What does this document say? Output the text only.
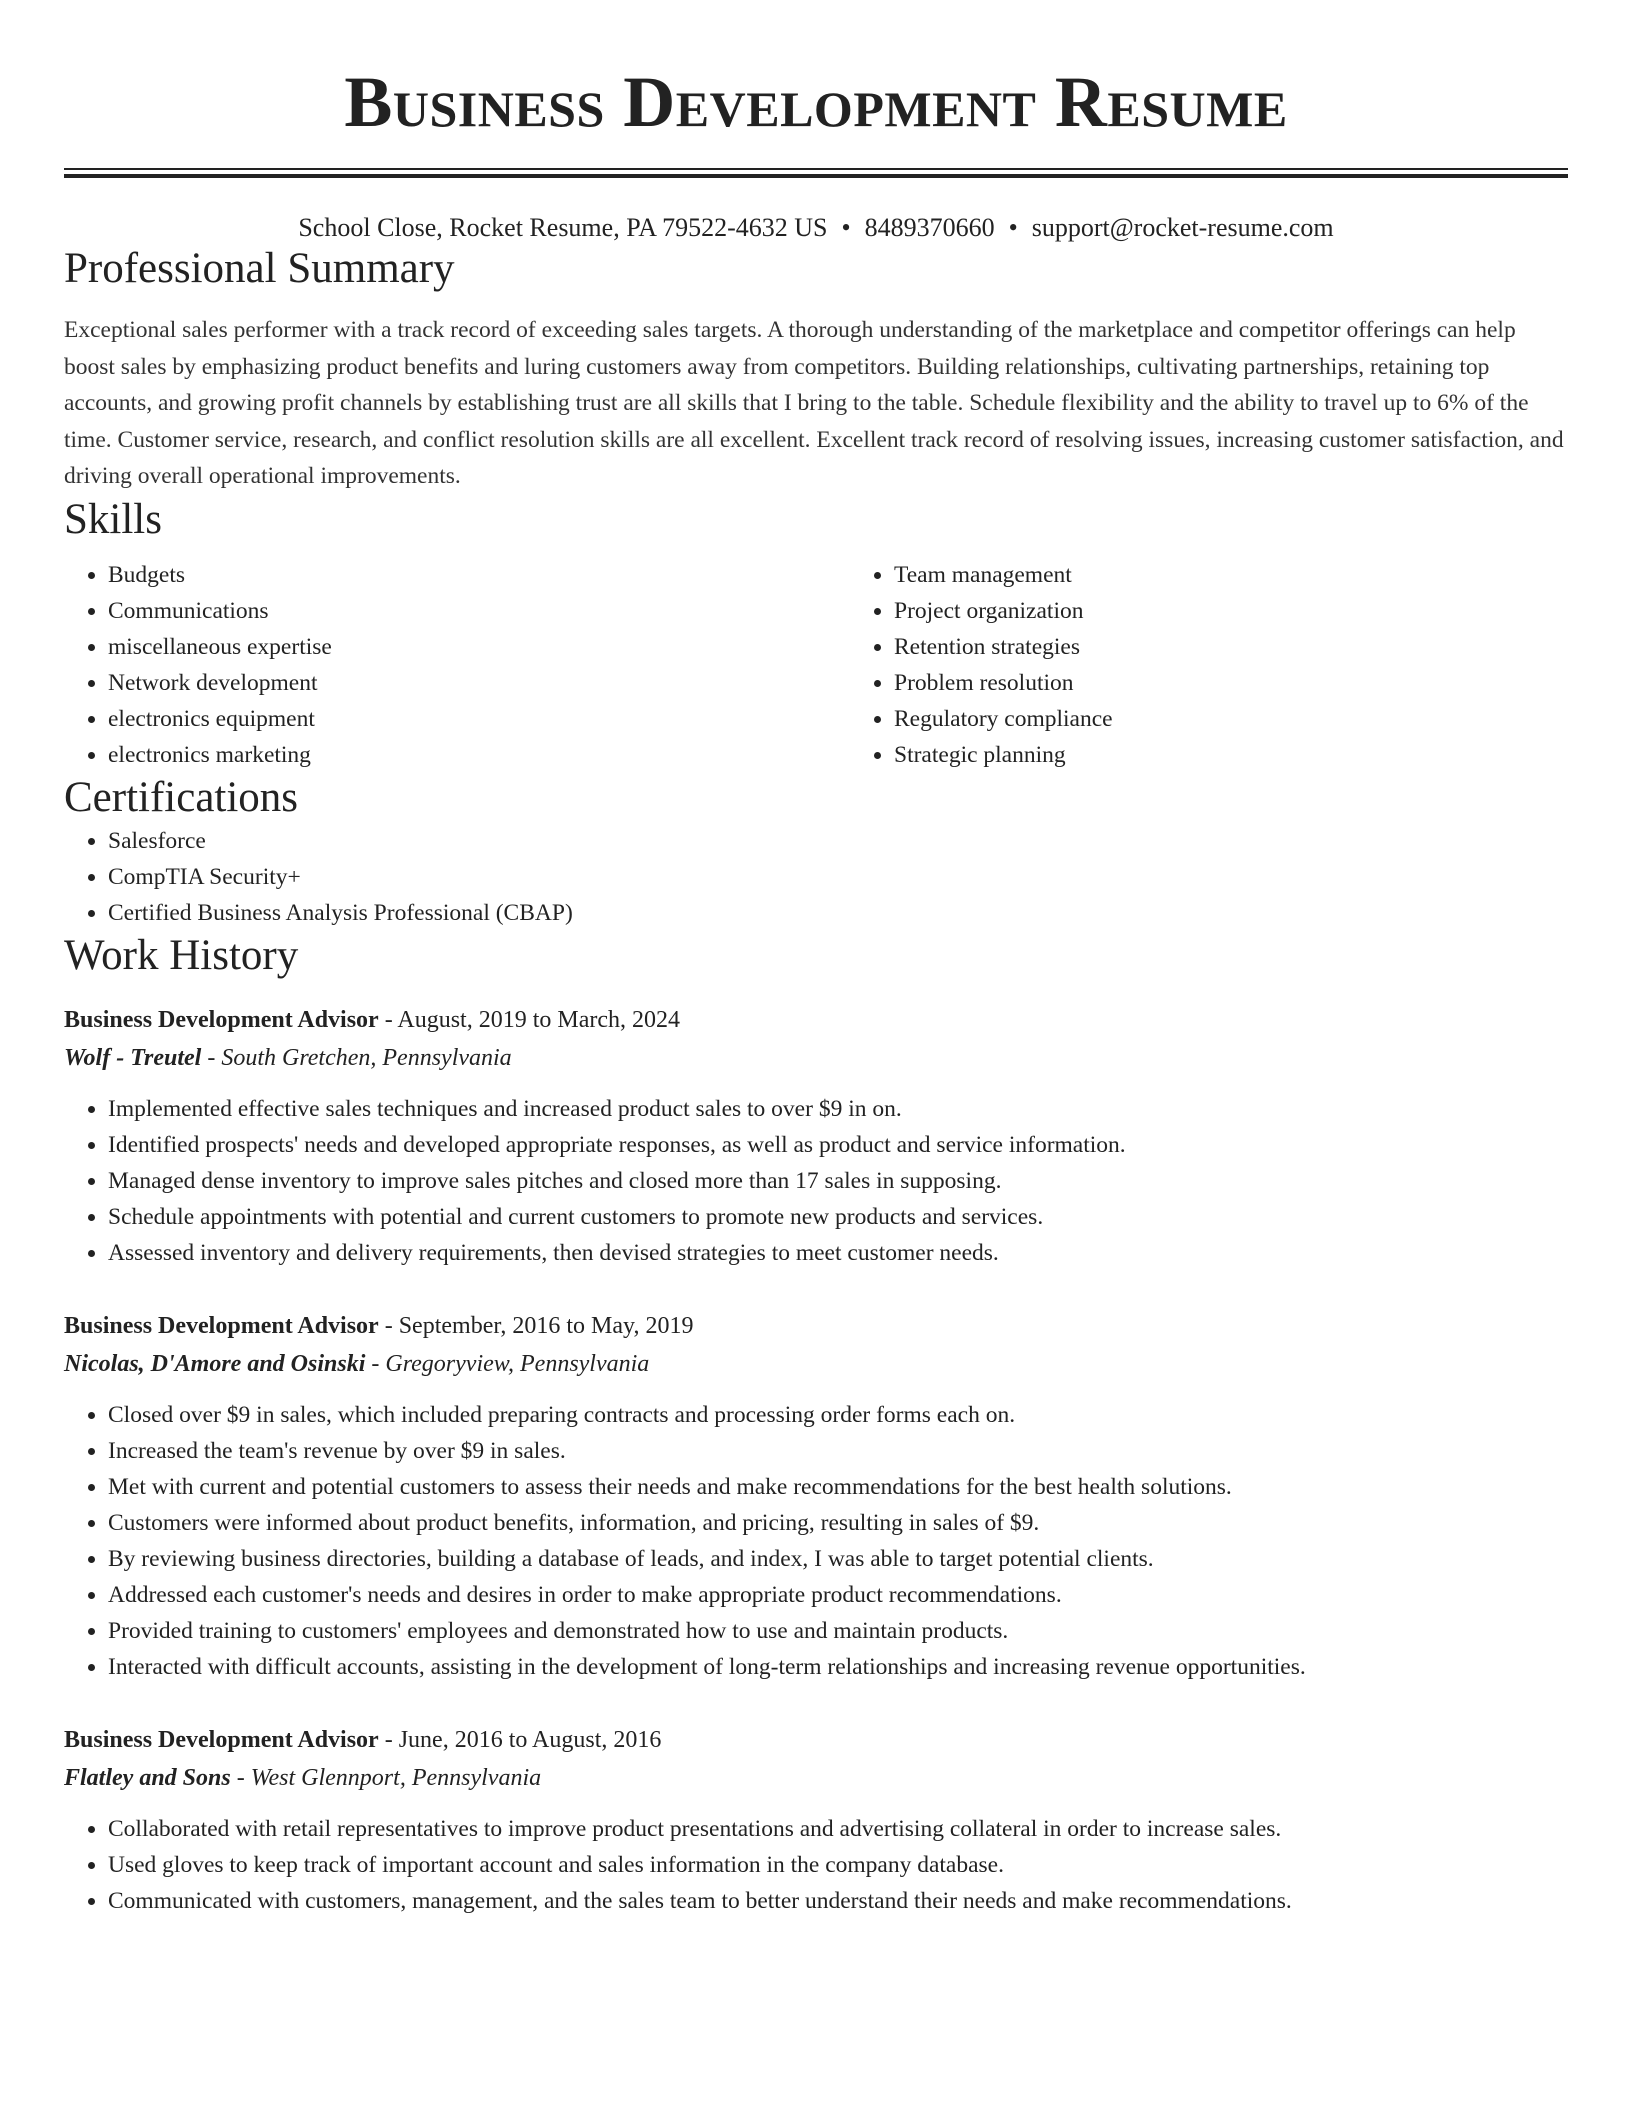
Business Development Resume
School Close, Rocket Resume, PA 79522-4632 US • 8489370660 • support@rocket-resume.com
Professional Summary

Exceptional sales performer with a track record of exceeding sales targets. A thorough understanding of the marketplace and competitor offerings can help boost sales by emphasizing product benefits and luring customers away from competitors. Building relationships, cultivating partnerships, retaining top accounts, and growing profit channels by establishing trust are all skills that I bring to the table. Schedule flexibility and the ability to travel up to 6% of the time. Customer service, research, and conflict resolution skills are all excellent. Excellent track record of resolving issues, increasing customer satisfaction, and driving overall operational improvements.

Skills
• Budgets
• Communications
• miscellaneous expertise
• Network development
• electronics equipment
• electronics marketing
• Team management
• Project organization
• Retention strategies
• Problem resolution
• Regulatory compliance
• Strategic planning
Certifications
• Salesforce
• CompTIA Security+
• Certified Business Analysis Professional (CBAP)
Work History
Business Development Advisor - August, 2019 to March, 2024
Wolf - Treutel - South Gretchen, Pennsylvania
• Implemented effective sales techniques and increased product sales to over $9 in on.
• Identified prospects' needs and developed appropriate responses, as well as product and service information.
• Managed dense inventory to improve sales pitches and closed more than 17 sales in supposing.
• Schedule appointments with potential and current customers to promote new products and services.
• Assessed inventory and delivery requirements, then devised strategies to meet customer needs.
Business Development Advisor - September, 2016 to May, 2019
Nicolas, D'Amore and Osinski - Gregoryview, Pennsylvania
• Closed over $9 in sales, which included preparing contracts and processing order forms each on.
• Increased the team's revenue by over $9 in sales.
• Met with current and potential customers to assess their needs and make recommendations for the best health solutions.
• Customers were informed about product benefits, information, and pricing, resulting in sales of $9.
• By reviewing business directories, building a database of leads, and index, I was able to target potential clients.
• Addressed each customer's needs and desires in order to make appropriate product recommendations.
• Provided training to customers' employees and demonstrated how to use and maintain products.
• Interacted with difficult accounts, assisting in the development of long-term relationships and increasing revenue opportunities.
Business Development Advisor - June, 2016 to August, 2016
Flatley and Sons - West Glennport, Pennsylvania
• Collaborated with retail representatives to improve product presentations and advertising collateral in order to increase sales.
• Used gloves to keep track of important account and sales information in the company database.
• Communicated with customers, management, and the sales team to better understand their needs and make recommendations.
